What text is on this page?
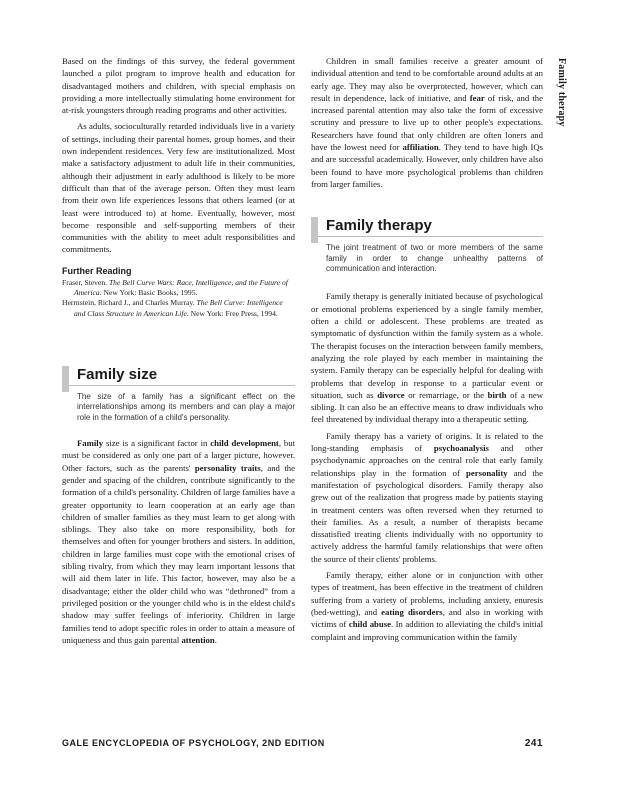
Family therapy

Based on the findings of this survey, the federal government launched a pilot program to improve health and education for disadvantaged mothers and children, with special emphasis on providing a more intellectually stimulating home environment for at-risk youngsters through reading programs and other activities.

As adults, socioculturally retarded individuals live in a variety of settings, including their parental homes, group homes, and their own independent residences. Very few are institutionalized. Most make a satisfactory adjustment to adult life in their communities, although their adjustment in early adulthood is likely to be more difficult than that of the average person. Often they must learn from their own life experiences lessons that others learned (or at least were introduced to) at home. Eventually, however, most become responsible and self-supporting members of their communities with the ability to meet adult responsibilities and commitments.

Further Reading

Fraser, Steven. The Bell Curve Wars: Race, Intelligence, and the Future of America. New York: Basic Books, 1995.

Herrnstein, Richard J., and Charles Murray. The Bell Curve: Intelligence and Class Structure in American Life. New York: Free Press, 1994.

Family size

The size of a family has a significant effect on the interrelationships among its members and can play a major role in the formation of a child's personality.

Family size is a significant factor in child development, but must be considered as only one part of a larger picture, however. Other factors, such as the parents' personality traits, and the gender and spacing of the children, contribute significantly to the formation of a child's personality. Children of large families have a greater opportunity to learn cooperation at an early age than children of smaller families as they must learn to get along with siblings. They also take on more responsibility, both for themselves and often for younger brothers and sisters. In addition, children in large families must cope with the emotional crises of sibling rivalry, from which they may learn important lessons that will aid them later in life. This factor, however, may also be a disadvantage; either the older child who was “dethroned” from a privileged position or the younger child who is in the eldest child's shadow may suffer feelings of inferiority. Children in large families tend to adopt specific roles in order to attain a measure of uniqueness and thus gain parental attention.

Children in small families receive a greater amount of individual attention and tend to be comfortable around adults at an early age. They may also be overprotected, however, which can result in dependence, lack of initiative, and fear of risk, and the increased parental attention may also take the form of excessive scrutiny and pressure to live up to other people's expectations. Researchers have found that only children are often loners and have the lowest need for affiliation. They tend to have high IQs and are successful academically. However, only children have also been found to have more psychological problems than children from larger families.

Family therapy

The joint treatment of two or more members of the same family in order to change unhealthy patterns of communication and interaction.

Family therapy is generally initiated because of psychological or emotional problems experienced by a single family member, often a child or adolescent. These problems are treated as symptomatic of dysfunction within the family system as a whole. The therapist focuses on the interaction between family members, analyzing the role played by each member in maintaining the system. Family therapy can be especially helpful for dealing with problems that develop in response to a particular event or situation, such as divorce or remarriage, or the birth of a new sibling. It can also be an effective means to draw individuals who feel threatened by individual therapy into a therapeutic setting.

Family therapy has a variety of origins. It is related to the long-standing emphasis of psychoanalysis and other psychodynamic approaches on the central role that early family relationships play in the formation of personality and the manifestation of psychological disorders. Family therapy also grew out of the realization that progress made by patients staying in treatment centers was often reversed when they returned to their families. As a result, a number of therapists became dissatisfied treating clients individually with no opportunity to actively address the harmful family relationships that were often the source of their clients' problems.

Family therapy, either alone or in conjunction with other types of treatment, has been effective in the treatment of children suffering from a variety of problems, including anxiety, enuresis (bed-wetting), and eating disorders, and also in working with victims of child abuse. In addition to alleviating the child's initial complaint and improving communication within the family

GALE ENCYCLOPEDIA OF PSYCHOLOGY, 2ND EDITION	241
